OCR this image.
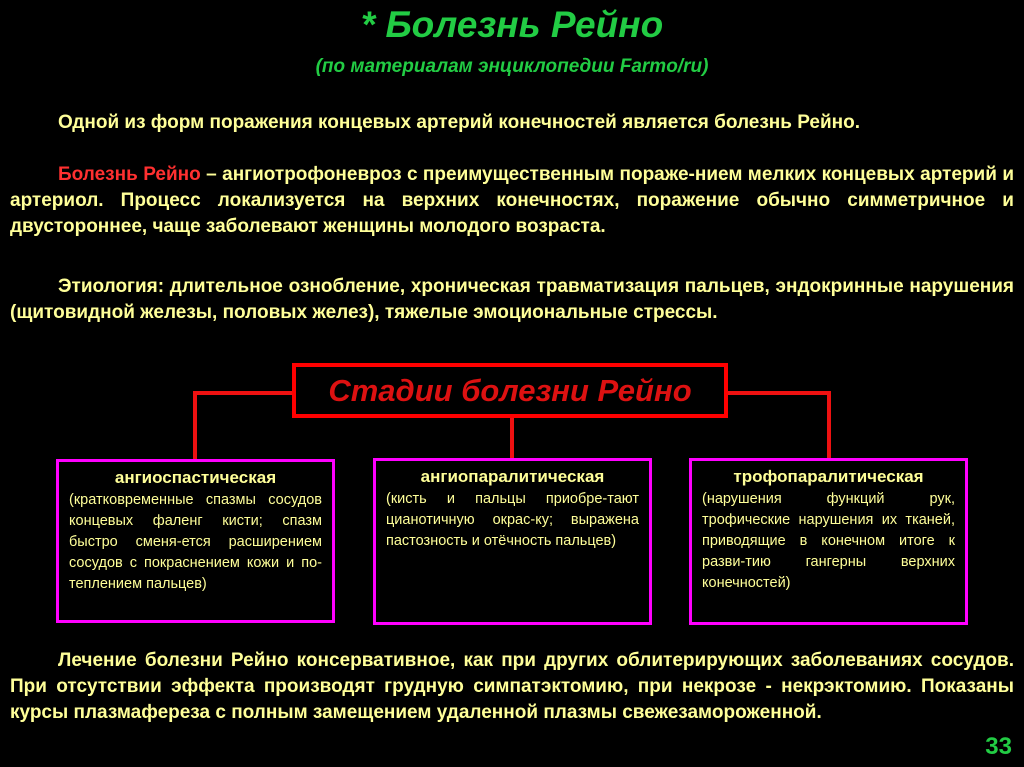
* Болезнь Рейно
(по материалам энциклопедии Farmo/ru)

Одной из форм поражения концевых артерий конечностей является болезнь Рейно.

Болезнь Рейно – ангиотрофоневроз с преимущественным пораже-нием мелких концевых артерий и артериол. Процесс локализуется на верхних конечностях, поражение обычно симметричное и двустороннее, чаще заболевают женщины молодого возраста.

Этиология: длительное ознобление, хроническая травматизация пальцев, эндокринные нарушения (щитовидной железы, половых желез), тяжелые эмоциональные стрессы.

Стадии болезни Рейно
ангиоспастическая
(кратковременные спазмы сосудов концевых фаленг кисти; спазм быстро сменя-ется расширением сосудов с покраснением кожи и по-теплением пальцев)
ангиопаралитическая
(кисть и пальцы приобре-тают цианотичную окрас-ку; выражена пастозность и отёчность пальцев)
трофопаралитическая
(нарушения функций рук, трофические нарушения их тканей, приводящие в конечном итоге к разви-тию гангерны верхних конечностей)

Лечение болезни Рейно консервативное, как при других облитерирующих заболеваниях сосудов. При отсутствии эффекта производят грудную симпатэктомию, при некрозе - некрэктомию. Показаны курсы плазмафереза с полным замещением удаленной плазмы свежезамороженной.

33
